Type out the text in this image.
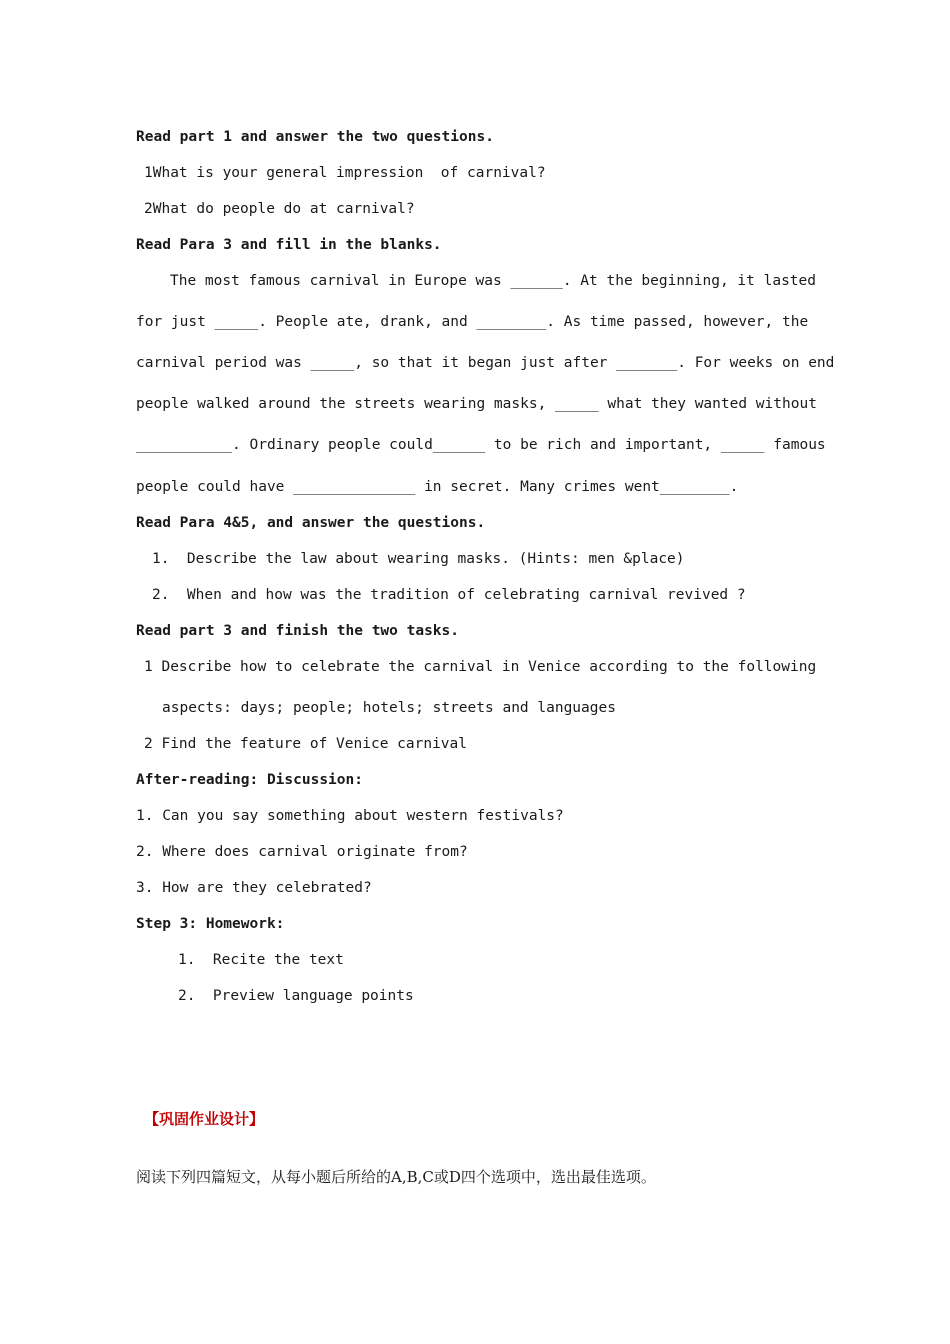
Read part 1 and answer the two questions.
1What is your general impression  of carnival?
2What do people do at carnival?
Read Para 3 and fill in the blanks.
The most famous carnival in Europe was ______. At the beginning, it lasted
for just _____. People ate, drank, and ________. As time passed, however, the
carnival period was _____, so that it began just after _______. For weeks on end
people walked around the streets wearing masks, _____ what they wanted without
___________. Ordinary people could______ to be rich and important, _____ famous
people could have ______________ in secret. Many crimes went________.
Read Para 4&5, and answer the questions.
1.  Describe the law about wearing masks. (Hints: men &place)
2.  When and how was the tradition of celebrating carnival revived ?
Read part 3 and finish the two tasks.
1 Describe how to celebrate the carnival in Venice according to the following
aspects: days; people; hotels; streets and languages
2 Find the feature of Venice carnival
After-reading: Discussion:
1. Can you say something about western festivals?
2. Where does carnival originate from?
3. How are they celebrated?
Step 3: Homework:
1.  Recite the text
2.  Preview language points
【巩固作业设计】
阅读下列四篇短文，从每小题后所给的A,B,C或D四个选项中，选出最佳选项。
